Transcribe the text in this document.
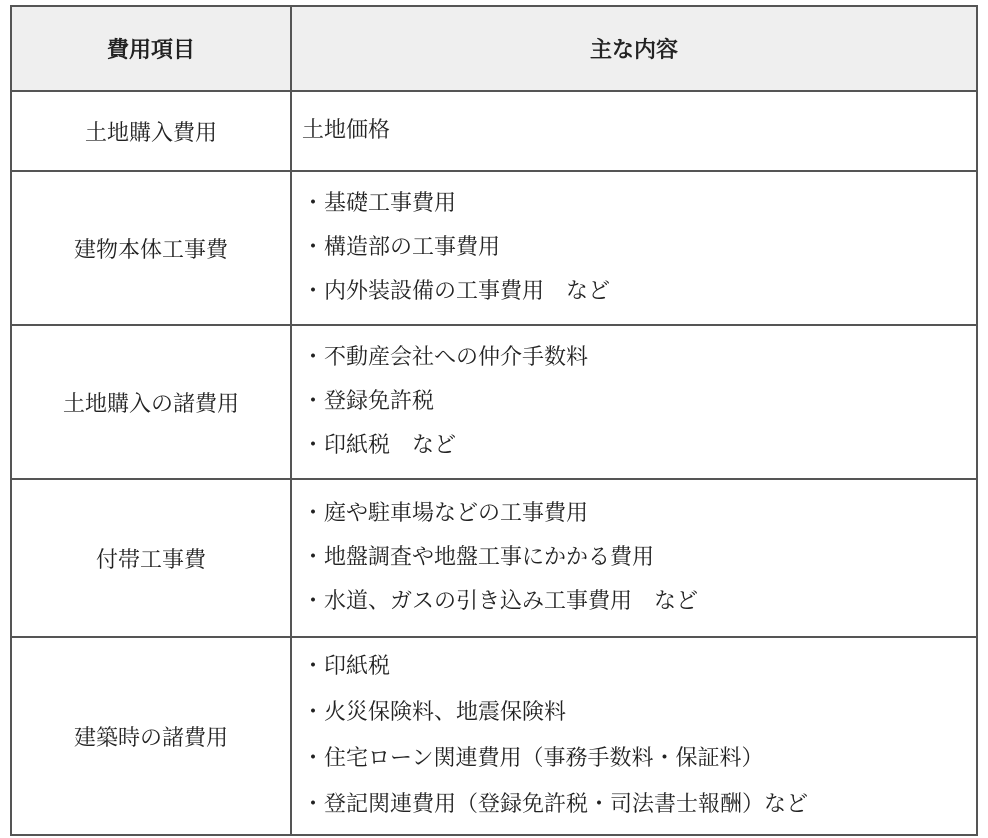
費用項目	主な内容
土地購入費用	土地価格

建物本体工事費	・基礎工事費用
・構造部の工事費用
・内外装設備の工事費用　など

土地購入の諸費用	・不動産会社への仲介手数料
・登録免許税
・印紙税　など

付帯工事費	・庭や駐車場などの工事費用
・地盤調査や地盤工事にかかる費用
・水道、ガスの引き込み工事費用　など

建築時の諸費用	・印紙税
・火災保険料、地震保険料
・住宅ローン関連費用（事務手数料・保証料）
・登記関連費用（登録免許税・司法書士報酬）など
